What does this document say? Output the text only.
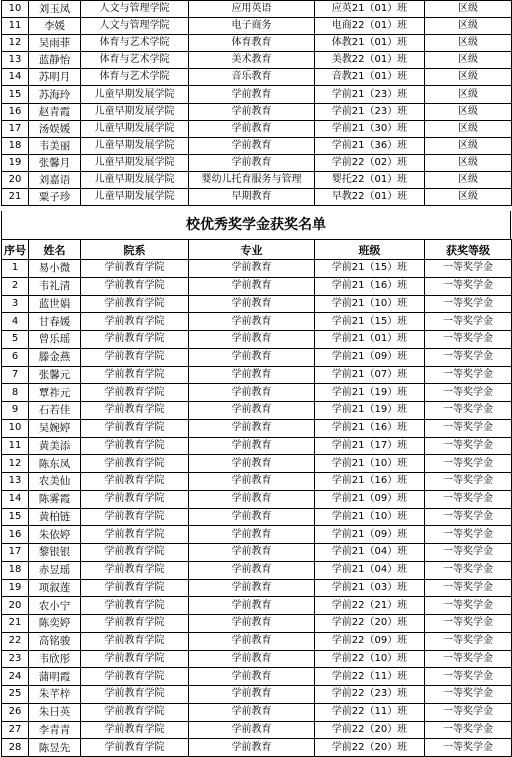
10	刘玉凤	人文与管理学院	应用英语	应英21（01）班	区级
11	李媛	人文与管理学院	电子商务	电商22（01）班	区级
12	吴雨菲	体育与艺术学院	体育教育	体教21（01）班	区级
13	蓝静怡	体育与艺术学院	美术教育	美教22（01）班	区级
14	苏明月	体育与艺术学院	音乐教育	音教21（01）班	区级
15	苏海玲	儿童早期发展学院	学前教育	学前21（23）班	区级
16	赵青霞	儿童早期发展学院	学前教育	学前21（23）班	区级
17	汤娱媛	儿童早期发展学院	学前教育	学前21（30）班	区级
18	韦美丽	儿童早期发展学院	学前教育	学前21（36）班	区级
19	张馨月	儿童早期发展学院	学前教育	学前22（02）班	区级
20	刘嘉语	儿童早期发展学院	婴幼儿托育服务与管理	婴托22（01）班	区级
21	粟子珍	儿童早期发展学院	早期教育	早教22（01）班	区级
校优秀奖学金获奖名单
序号	姓名	院系	专业	班级	获奖等级
1	易小微	学前教育学院	学前教育	学前21（15）班	一等奖学金
2	韦礼清	学前教育学院	学前教育	学前21（16）班	一等奖学金
3	蓝世娟	学前教育学院	学前教育	学前21（10）班	一等奖学金
4	甘春媛	学前教育学院	学前教育	学前21（15）班	一等奖学金
5	曾乐瑶	学前教育学院	学前教育	学前21（01）班	一等奖学金
6	滕金燕	学前教育学院	学前教育	学前21（09）班	一等奖学金
7	张馨元	学前教育学院	学前教育	学前21（07）班	一等奖学金
8	覃祚元	学前教育学院	学前教育	学前21（19）班	一等奖学金
9	石若佳	学前教育学院	学前教育	学前21（19）班	一等奖学金
10	吴婉婷	学前教育学院	学前教育	学前21（16）班	一等奖学金
11	黄美添	学前教育学院	学前教育	学前21（17）班	一等奖学金
12	陈东凤	学前教育学院	学前教育	学前21（10）班	一等奖学金
13	农美仙	学前教育学院	学前教育	学前21（16）班	一等奖学金
14	陈雾霞	学前教育学院	学前教育	学前21（09）班	一等奖学金
15	黄柏链	学前教育学院	学前教育	学前21（10）班	一等奖学金
16	朱依婷	学前教育学院	学前教育	学前21（09）班	一等奖学金
17	黎银银	学前教育学院	学前教育	学前21（04）班	一等奖学金
18	赤昱瑶	学前教育学院	学前教育	学前21（04）班	一等奖学金
19	项叙莲	学前教育学院	学前教育	学前21（03）班	一等奖学金
20	农小宁	学前教育学院	学前教育	学前22（21）班	一等奖学金
21	陈奕婷	学前教育学院	学前教育	学前22（20）班	一等奖学金
22	高铭骏	学前教育学院	学前教育	学前22（09）班	一等奖学金
23	韦欣彤	学前教育学院	学前教育	学前22（10）班	一等奖学金
24	蒲明霞	学前教育学院	学前教育	学前22（11）班	一等奖学金
25	朱芊梓	学前教育学院	学前教育	学前22（23）班	一等奖学金
26	朱日英	学前教育学院	学前教育	学前22（11）班	一等奖学金
27	李青青	学前教育学院	学前教育	学前22（20）班	一等奖学金
28	陈昱先	学前教育学院	学前教育	学前22（20）班	一等奖学金
